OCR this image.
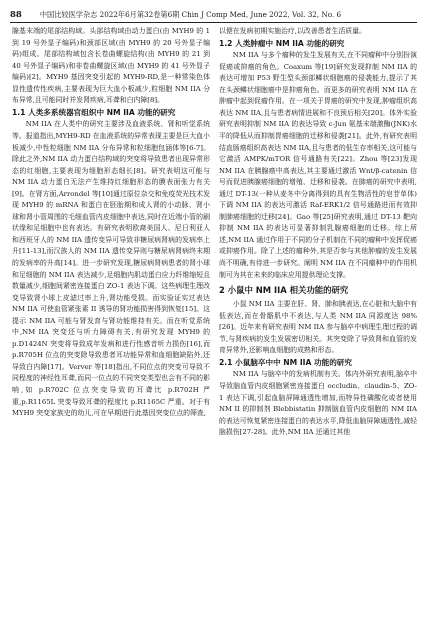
88	中国比较医学杂志 2022年6月第32卷第6期 Chin J Comp Med, June 2022, Vol. 32, No. 6

腺基末端的尾部结构域。头部结构域由动力蛋白(由 MYH9 的 1 到 19 号外显子编码)和颈部区域(由 MYH9 的 20 号外显子编码)组成。尾部结构域包含长卷曲螺旋结构(由 MYH9 的 21 到 40 号外显子编码)和非卷曲螺旋区域(由 MYH9 的 41 号外显子编码)[2]。MYH9 基因突变引起的 MYH9-RD,是一种常染色体显性遗传性疾病,主要表现为巨大血小板减少,粒细胞 NM IIA 分布异常,且可能同时并发肾疾病,耳聋和白内障[8]。

1.1 人类多系统器官组织中 NM IIA 功能的研究

NM IIA 在人类中的研究主要涉及血液系统、肾和听觉系统等。报道指出,MYH9-RD 在血液系统的异常表现主要是巨大血小板减少,中性粒细胞 NM IIA 分布异常和粒细胞包涵体等[6-7]。除此之外,NM IIA 动力蛋白结构域的突变将导致患者出现异常形态的红细胞,主要表现为细胞形态细长[8]。研究表明这可能与 NM IIA 动力蛋白无法产生维持红细胞形态的膜表面张力有关[9]。在肾方面,Arrondel 等[10]通过原位杂交和免疫荧光技术发现 MYH9 的 mRNA 和蛋白在胚胎期和成人肾的小动脉、肾小球和肾小管周围的毛细血管内皮细胞中表达,同时在近端小管的刷状缘和足细胞中也有表达。有研究表明欧裔美国人、尼日利亚人和西班牙人的 NM IIA 遗传变异可导致非糖尿病肾病的发病率上升[11-13],而汉族人的 NM IIA 遗传变异则与糖尿病肾病终末期的发病率的升高[14]。进一步研究发现,糖尿病肾病患者的肾小球和足细胞的 NM IIA 表达减少,足细胞内肌动蛋白应力纤维缩短且数量减少,细胞间紧密连接蛋白 ZO-1 表达下调。这些病理生理改变导致肾小球上皮滤过率上升,肾功能受损。而实验证实过表达 NM IIA 可使血管紧张素 II 诱导的肾功能损害得到恢复[15]。这提示 NM IIA 可能与肾发育与肾功能维持有关。而在听觉系统中,NM IIA 突变还与听力障碍有关,有研究发现 MYH9 的 p.D1424N 突变将导致成年发病和进行性感音听力损伤[16],而 p.R705H 位点的突变除导致患者耳功能异常和血细胞缺陷外,还导致白内障[17]。Verver 等[18]指出,不同位点的突变可导致不同程度的神经性耳聋,而同一位点的不同突变类型也会有不同的影响,如 p.R702C 位点突变导致的耳聋比 p.R702H 严重,p.R1165L 突变导致耳聋的程度比 p.R1165C 严重。对于有 MYH9 突变家族史的幼儿,可在早期进行此基因突变位点的筛查,

以便在发病初期实施治疗,以改善患者生活质量。

1.2 人类肿瘤中 NM IIA 功能的研究

NM IIA 与多个瘤种的发生发展有关,在不同瘤种中分别扮演促癌或抑癌的角色。Coaxum 等[19]研究发现抑制 NM IIA 的表达可增加 P53 野生型头颈部鳞状细胞癌的侵袭能力,提示了其在头颈鳞状细胞癌中是抑癌角色。而更多的研究表明 NM IIA 在肿瘤中起到促瘤作用。在一项关于胃癌的研究中发现,肿瘤组织高表达 NM IIA,且与患者病情进展和不良预后相关[20]。体外实验研究表明抑制 NM IIA 的表达导致 c-Jun 氨基末端激酶(JNK)水平的降低从而抑制胃癌细胞的迁移和侵袭[21]。此外,有研究表明结直肠癌组织高表达 NM IIA,且与患者的低生存率相关,这可能与它激活 AMPK/mTOR 信号通路有关[22]。Zhou 等[23]发现 NM IIA 在胰腺癌中高表达,其主要通过激活 Wnt/β-catenin 信号而促进胰腺癌细胞的增殖、迁移和侵袭。在肺癌的研究中表明,通过 DT-13(一种从麦冬中分离得到的具有生物活性的皂苷单体)下调 NM IIA 的表达可激活 Raf-ERK1/2 信号通路进而有效抑制肺癌细胞的迁移[24]。Gao 等[25]研究表明,通过 DT-13 靶向抑制 NM IIA 的表达可显著抑制乳腺癌细胞的迁移。综上所述,NM IIA 通过作用于不同的分子机制在不同的瘤种中发挥促癌或抑癌作用。除了上述的瘤种外,其是否参与其他肿瘤的发生发展尚不明确,有待进一步研究。阐明 NM IIA 在不同瘤种中的作用机制可为其在未来的临床应用提供理论支撑。

2 小鼠中 NM IIA 相关功能的研究

小鼠 NM IIA 主要在肝、肾、肺和胰表达,在心脏和大脑中有低表达,而在骨骼肌中不表达,与人类 NM IIA 同源度达 98%[26]。近年来有研究表明 NM IIA 参与脑卒中病理生理过程的调节,与肾疾病的发生发展密切相关。其突变除了导致肾和血管的发育异常外,还影响血细胞的成熟和形态。

2.1 小鼠脑卒中中 NM IIA 功能的研究

NM IIA 与脑卒中的发病机制有关。体内外研究表明,脑卒中导致脑血管内皮细胞紧密连接蛋白 occludin、claudin-5、ZO-1 表达下调,引起血脑屏障通透性增加,而特异性磷酸化或者使用 NM II 的抑制剂 Blebbistatin 抑制脑血管内皮细胞的 NM IIA 的表达可恢复紧密连接蛋白的表达水平,降低血脑屏障通透性,减轻脑损伤[27-28]。此外,NM IIA 还通过其他
